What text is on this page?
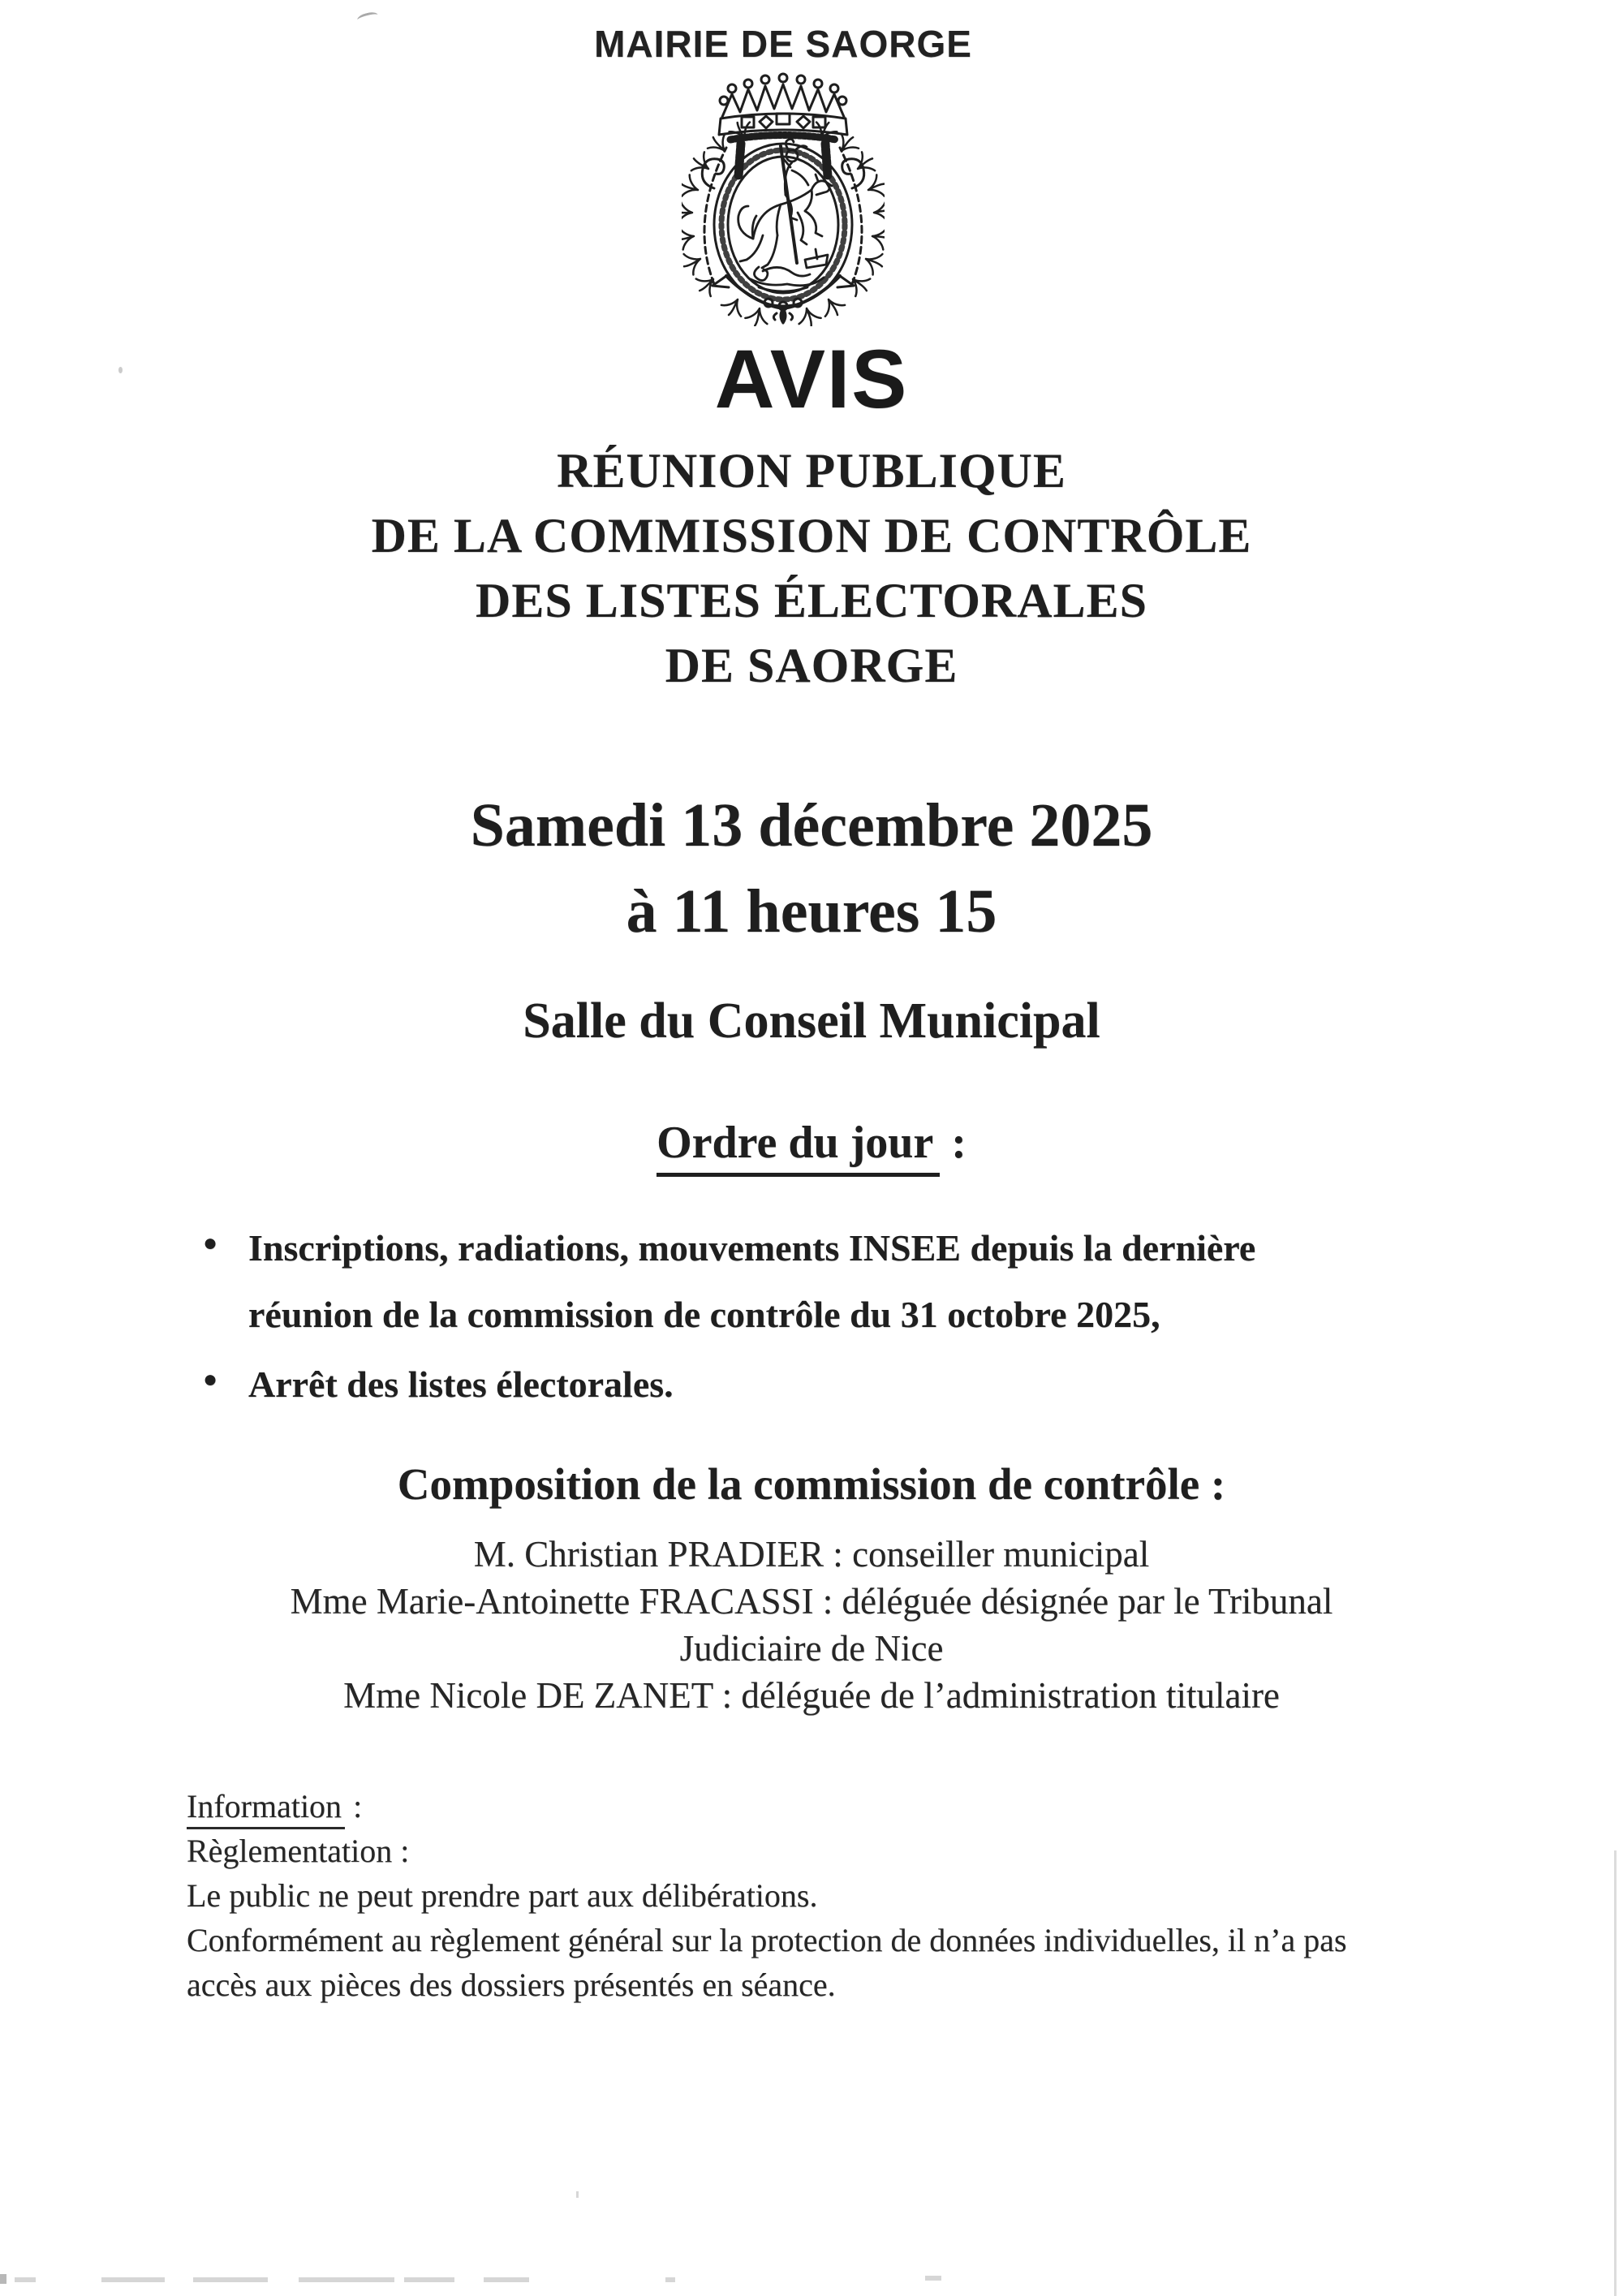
MAIRIE DE SAORGE
AVIS
RÉUNION PUBLIQUE
DE LA COMMISSION DE CONTRÔLE
DES LISTES ÉLECTORALES
DE SAORGE
Samedi 13 décembre 2025
à 11 heures 15
Salle du Conseil Municipal
Ordre du jour :
● Inscriptions, radiations, mouvements INSEE depuis la dernière
réunion de la commission de contrôle du 31 octobre 2025,
● Arrêt des listes électorales.
Composition de la commission de contrôle :
M. Christian PRADIER : conseiller municipal
Mme Marie-Antoinette FRACASSI : déléguée désignée par le Tribunal
Judiciaire de Nice
Mme Nicole DE ZANET : déléguée de l’administration titulaire
Information :
Règlementation :
Le public ne peut prendre part aux délibérations.
Conformément au règlement général sur la protection de données individuelles, il n’a pas
accès aux pièces des dossiers présentés en séance.
